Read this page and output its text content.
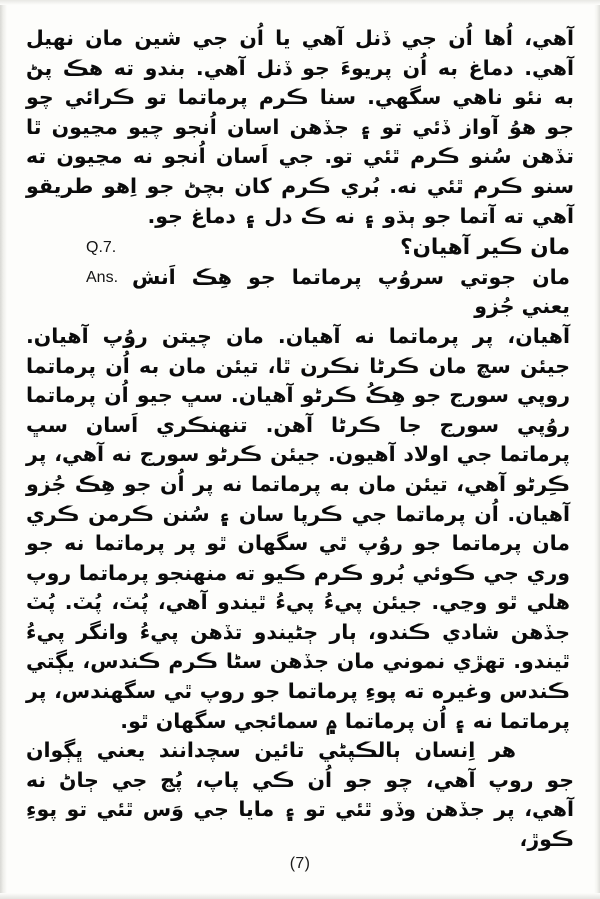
آهي، اُها اُن جي ڏنل آهي يا اُن جي شين مان نهيل آهي. دماغ به اُن پريوءَ جو ڏنل آهي. بندو ته هڪ پڻ به نئو ناهي سگهي. سنا ڪرم پرماتما تو ڪرائي چو جو هوُ آواز ڏئي تو ۽ جڏهن اسان اُنجو چيو مڃيون ٿا تڏهن سُنو ڪرم ٿئي تو. جي اَسان اُنجو نه مڃيون ته سنو ڪرم ٿئي نه. بُري ڪرم کان بچڻ جو اِهو طريقو آهي ته آتما جو ٻڌو ۽ نه ڪ دل ۽ دماغ جو.

Q.7.	مان ڪير آهيان؟
Ans. مان جوتي سروُپ پرماتما جو هِڪ اَنش يعني جُزو

آهيان، پر پرماتما نه آهيان. مان چيتن روُپ آهيان. جيئن سچ مان ڪرڻا نڪرن ٿا، تيئن مان به اُن پرماتما روپي سورج جو هِڪُ ڪرڻو آهيان. سڀ جيو اُن پرماتما روُپي سورج جا ڪرڻا آهن. تنهنڪري اَسان سڀ پرماتما جي اولاد آهيون. جيئن ڪرڻو سورج نه آهي، پر ڪِرڻو آهي، تيئن مان به پرماتما نه پر اُن جو هِڪ جُزو آهيان. اُن پرماتما جي ڪرپا سان ۽ سُنن ڪرمن ڪري مان پرماتما جو روُپ ٿي سگهان ٿو پر پرماتما نه جو وري جي ڪوئي بُرو ڪرم ڪيو ته منهنجو پرماتما روپ هلي ٿو وڃي. جيئن پيءُ پيءُ ٿيندو آهي، پُٽ، پُٽ. پُٽ جڏهن شادي ڪندو، ٻار ڄڻيندو تڏهن پيءُ وانگر پيءُ ٿيندو. تهڙي نموني مان جڏهن سڻا ڪرم ڪندس، يڳتي ڪندس وغيره ته پوءِ پرماتما جو روپ ٿي سگهندس، پر پرماتما نه ۽ اُن پرماتما ۾ سمائجي سگهان ٿو.

هر اِنسان ٻالڪپڻي تائين سچدانند يعني ڀڳوان جو روپ آهي، چو جو اُن ڪي پاپ، پُڃ جي ڄاڻ نه آهي، پر جڏهن وڏو ٿئي تو ۽ مايا جي وَس ٿئي تو پوءِ ڪوڙ،

(7)
